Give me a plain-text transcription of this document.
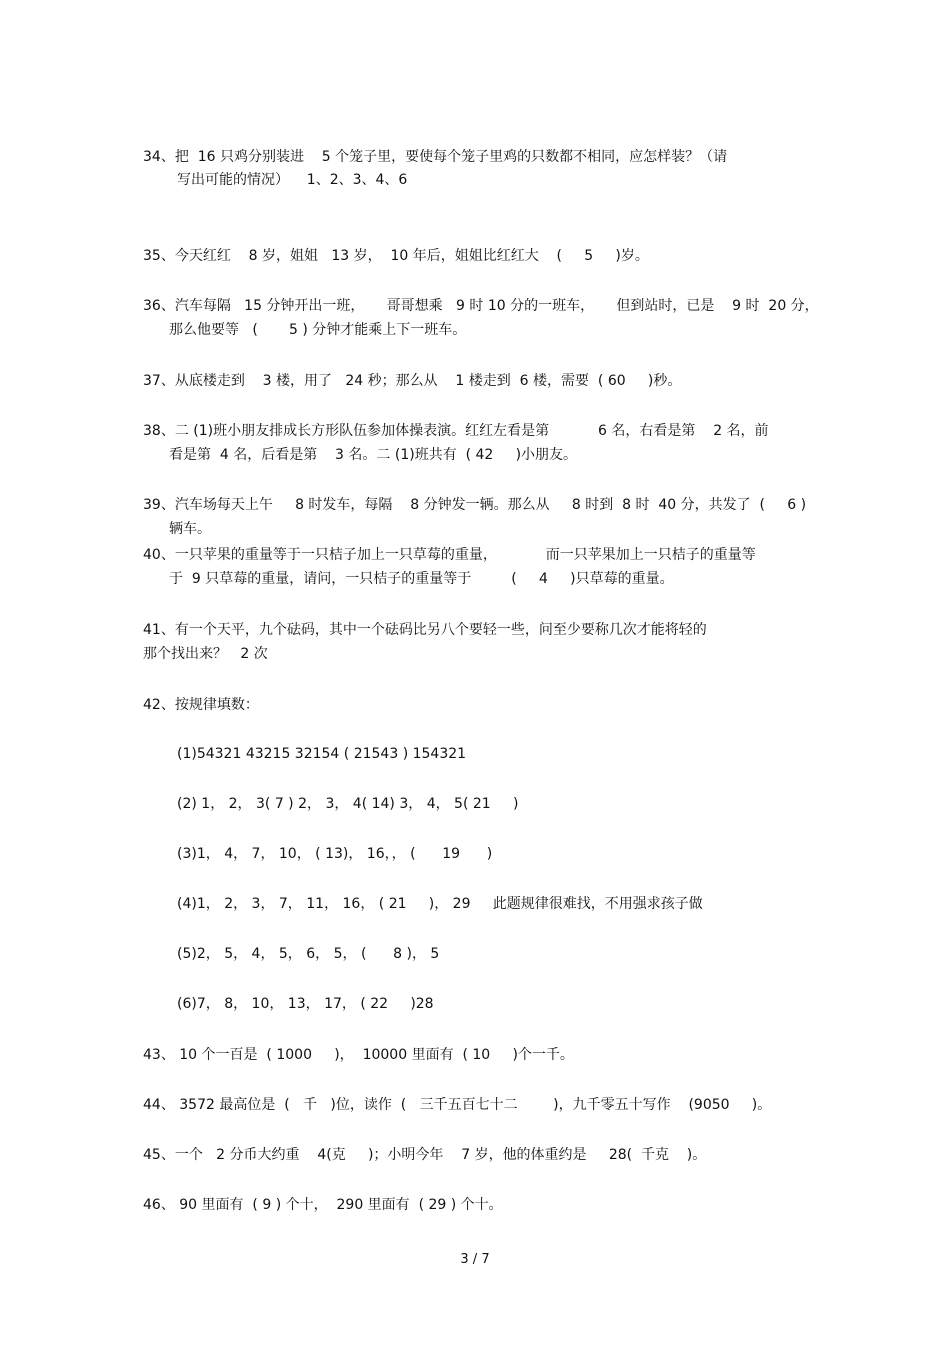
34、把  16 只鸡分别装进    5 个笼子里，要使每个笼子里鸡的只数都不相同，应怎样装？（请
写出可能的情况）    1、2、3、4、6
35、今天红红    8 岁，姐姐   13 岁，  10 年后，姐姐比红红大    (     5     )岁。
36、汽车每隔   15 分钟开出一班，     哥哥想乘   9 时 10 分的一班车，     但到站时，已是    9 时  20 分，
那么他要等   (       5 ) 分钟才能乘上下一班车。
37、从底楼走到    3 楼，用了   24 秒；那么从    1 楼走到  6 楼，需要  ( 60     )秒。
38、二 (1)班小朋友排成长方形队伍参加体操表演。红红左看是第           6 名，右看是第    2 名，前
看是第  4 名，后看是第    3 名。二 (1)班共有  ( 42     )小朋友。
39、汽车场每天上午     8 时发车，每隔    8 分钟发一辆。那么从     8 时到  8 时  40 分，共发了  (     6 )
辆车。
40、一只苹果的重量等于一只桔子加上一只草莓的重量，           而一只苹果加上一只桔子的重量等
于  9 只草莓的重量，请问，一只桔子的重量等于         (     4     )只草莓的重量。
41、有一个天平，九个砝码，其中一个砝码比另八个要轻一些，问至少要称几次才能将轻的
那个找出来？   2 次
42、按规律填数：
(1)54321 43215 32154 ( 21543 ) 154321
(2) 1， 2， 3( 7 ) 2， 3， 4( 14) 3， 4， 5( 21     )
(3)1， 4， 7， 10， ( 13)， 16，， (      19      )
(4)1， 2， 3， 7， 11， 16， ( 21     )， 29     此题规律很难找，不用强求孩子做
(5)2， 5， 4， 5， 6， 5， (      8 )， 5
(6)7， 8， 10， 13， 17， ( 22     )28
43、 10 个一百是  ( 1000     )，  10000 里面有  ( 10     )个一千。
44、 3572 最高位是  (   千   )位，读作  (   三千五百七十二        )，九千零五十写作    (9050     )。
45、一个   2 分币大约重    4(克     )；小明今年    7 岁，他的体重约是     28(  千克    )。
46、 90 里面有  ( 9 ) 个十，  290 里面有  ( 29 ) 个十。
3 / 7
